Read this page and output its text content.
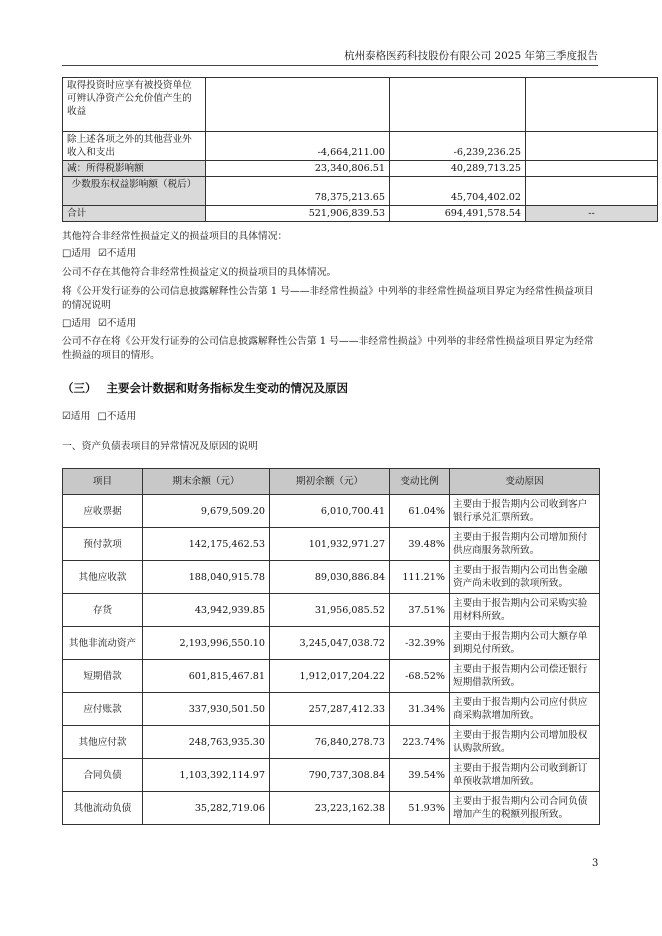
杭州泰格医药科技股份有限公司 2025 年第三季度报告
取得投资时应享有被投资单位可辨认净资产公允价值产生的收益			
除上述各项之外的其他营业外收入和支出	-4,664,211.00	-6,239,236.25	
减：所得税影响额	23,340,806.51	40,289,713.25	
少数股东权益影响额（税后）	78,375,213.65	45,704,402.02	
合计	521,906,839.53	694,491,578.54	--

其他符合非经常性损益定义的损益项目的具体情况：

□适用 ☑不适用

公司不存在其他符合非经常性损益定义的损益项目的具体情况。

将《公开发行证券的公司信息披露解释性公告第 1 号——非经常性损益》中列举的非经常性损益项目界定为经常性损益项目的情况说明

□适用 ☑不适用

公司不存在将《公开发行证券的公司信息披露解释性公告第 1 号——非经常性损益》中列举的非经常性损益项目界定为经常性损益的项目的情形。

（三） 主要会计数据和财务指标发生变动的情况及原因

☑适用 □不适用

一、资产负债表项目的异常情况及原因的说明

项目	期末余额（元）	期初余额（元）	变动比例	变动原因
应收票据	9,679,509.20	6,010,700.41	61.04%	主要由于报告期内公司收到客户银行承兑汇票所致。
预付款项	142,175,462.53	101,932,971.27	39.48%	主要由于报告期内公司增加预付供应商服务款所致。
其他应收款	188,040,915.78	89,030,886.84	111.21%	主要由于报告期内公司出售金融资产尚未收到的款项所致。
存货	43,942,939.85	31,956,085.52	37.51%	主要由于报告期内公司采购实验用材料所致。
其他非流动资产	2,193,996,550.10	3,245,047,038.72	-32.39%	主要由于报告期内公司大额存单到期兑付所致。
短期借款	601,815,467.81	1,912,017,204.22	-68.52%	主要由于报告期内公司偿还银行短期借款所致。
应付账款	337,930,501.50	257,287,412.33	31.34%	主要由于报告期内公司应付供应商采购款增加所致。
其他应付款	248,763,935.30	76,840,278.73	223.74%	主要由于报告期内公司增加股权认购款所致。
合同负债	1,103,392,114.97	790,737,308.84	39.54%	主要由于报告期内公司收到新订单预收款增加所致。
其他流动负债	35,282,719.06	23,223,162.38	51.93%	主要由于报告期内公司合同负债增加产生的税额列报所致。
3
